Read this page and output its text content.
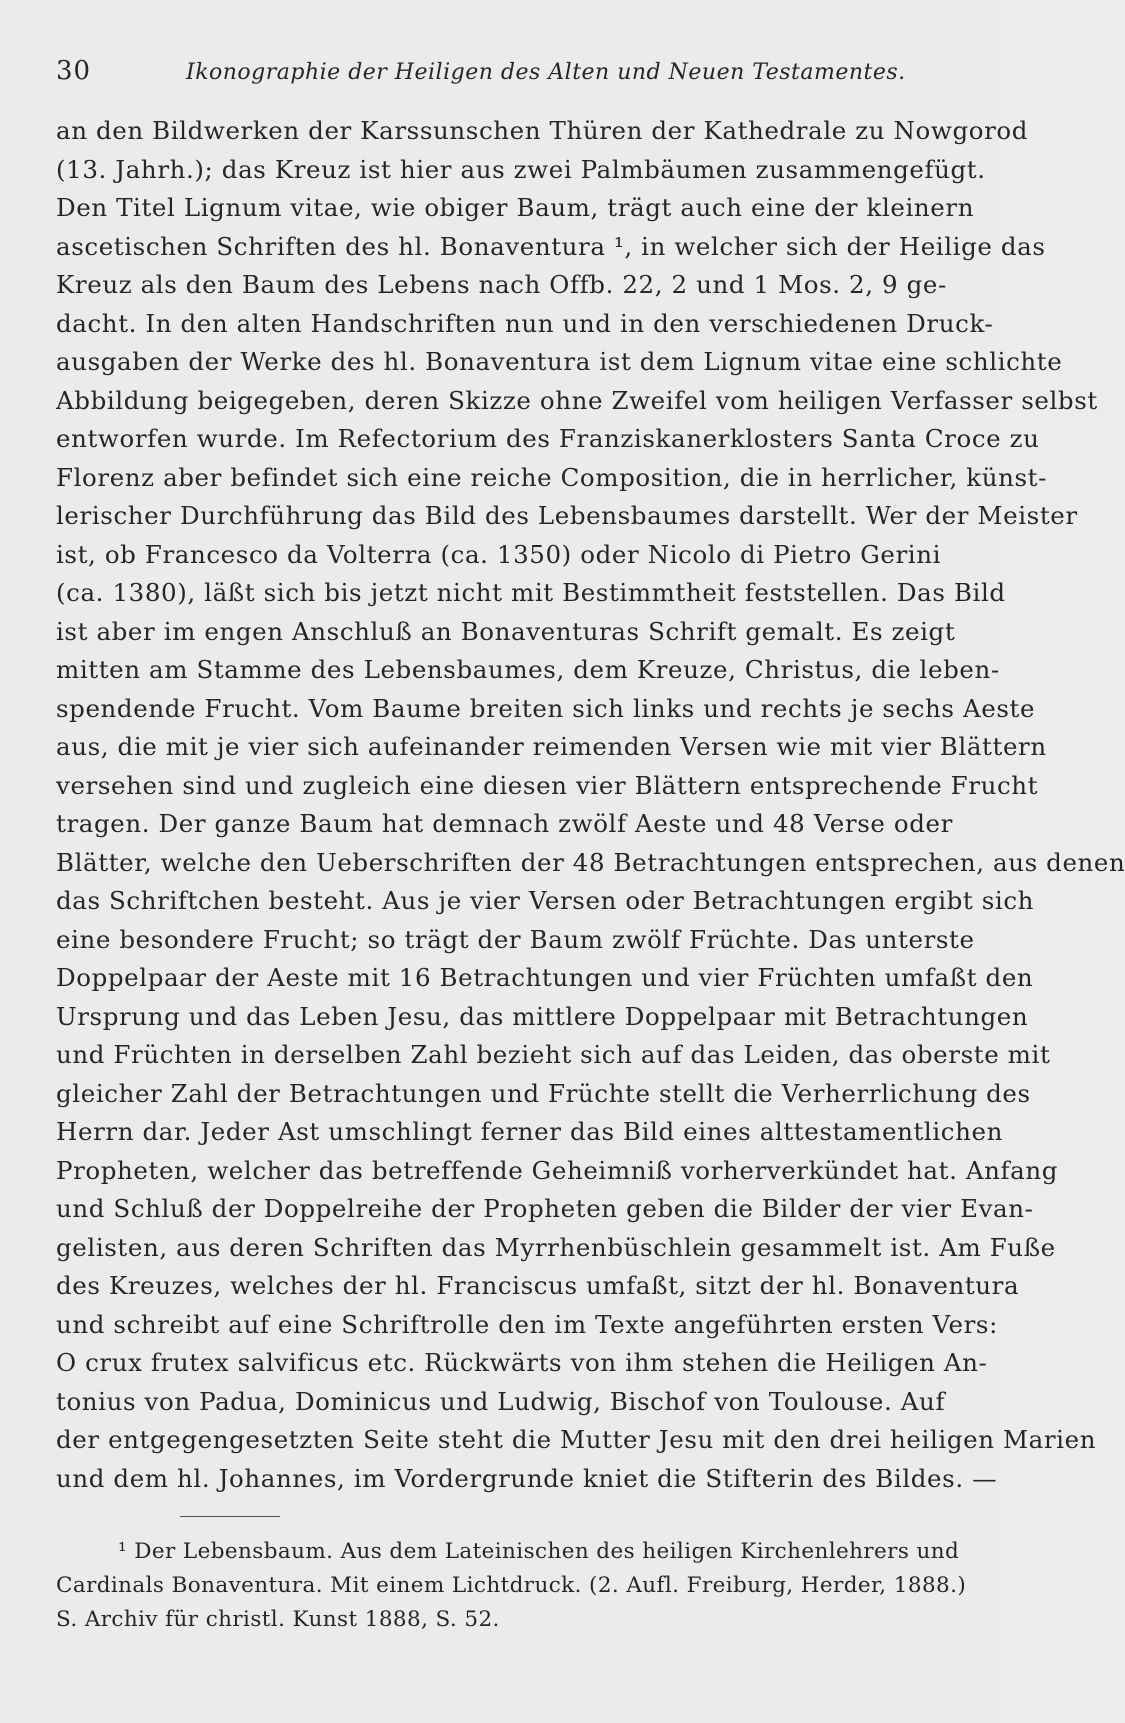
30	Ikonographie der Heiligen des Alten und Neuen Testamentes.
an den Bildwerken der Karssunschen Thüren der Kathedrale zu Nowgorod
(13. Jahrh.); das Kreuz ist hier aus zwei Palmbäumen zusammengefügt.
Den Titel Lignum vitae, wie obiger Baum, trägt auch eine der kleinern
ascetischen Schriften des hl. Bonaventura ¹, in welcher sich der Heilige das
Kreuz als den Baum des Lebens nach Offb. 22, 2 und 1 Mos. 2, 9 ge-
dacht. In den alten Handschriften nun und in den verschiedenen Druck-
ausgaben der Werke des hl. Bonaventura ist dem Lignum vitae eine schlichte
Abbildung beigegeben, deren Skizze ohne Zweifel vom heiligen Verfasser selbst
entworfen wurde. Im Refectorium des Franziskanerklosters Santa Croce zu
Florenz aber befindet sich eine reiche Composition, die in herrlicher, künst-
lerischer Durchführung das Bild des Lebensbaumes darstellt. Wer der Meister
ist, ob Francesco da Volterra (ca. 1350) oder Nicolo di Pietro Gerini
(ca. 1380), läßt sich bis jetzt nicht mit Bestimmtheit feststellen. Das Bild
ist aber im engen Anschluß an Bonaventuras Schrift gemalt. Es zeigt
mitten am Stamme des Lebensbaumes, dem Kreuze, Christus, die leben-
spendende Frucht. Vom Baume breiten sich links und rechts je sechs Aeste
aus, die mit je vier sich aufeinander reimenden Versen wie mit vier Blättern
versehen sind und zugleich eine diesen vier Blättern entsprechende Frucht
tragen. Der ganze Baum hat demnach zwölf Aeste und 48 Verse oder
Blätter, welche den Ueberschriften der 48 Betrachtungen entsprechen, aus denen
das Schriftchen besteht. Aus je vier Versen oder Betrachtungen ergibt sich
eine besondere Frucht; so trägt der Baum zwölf Früchte. Das unterste
Doppelpaar der Aeste mit 16 Betrachtungen und vier Früchten umfaßt den
Ursprung und das Leben Jesu, das mittlere Doppelpaar mit Betrachtungen
und Früchten in derselben Zahl bezieht sich auf das Leiden, das oberste mit
gleicher Zahl der Betrachtungen und Früchte stellt die Verherrlichung des
Herrn dar. Jeder Ast umschlingt ferner das Bild eines alttestamentlichen
Propheten, welcher das betreffende Geheimniß vorherverkündet hat. Anfang
und Schluß der Doppelreihe der Propheten geben die Bilder der vier Evan-
gelisten, aus deren Schriften das Myrrhenbüschlein gesammelt ist. Am Fuße
des Kreuzes, welches der hl. Franciscus umfaßt, sitzt der hl. Bonaventura
und schreibt auf eine Schriftrolle den im Texte angeführten ersten Vers:
O crux frutex salvificus etc. Rückwärts von ihm stehen die Heiligen An-
tonius von Padua, Dominicus und Ludwig, Bischof von Toulouse. Auf
der entgegengesetzten Seite steht die Mutter Jesu mit den drei heiligen Marien
und dem hl. Johannes, im Vordergrunde kniet die Stifterin des Bildes. —
¹ Der Lebensbaum. Aus dem Lateinischen des heiligen Kirchenlehrers und
Cardinals Bonaventura. Mit einem Lichtdruck. (2. Aufl. Freiburg, Herder, 1888.)
S. Archiv für christl. Kunst 1888, S. 52.
